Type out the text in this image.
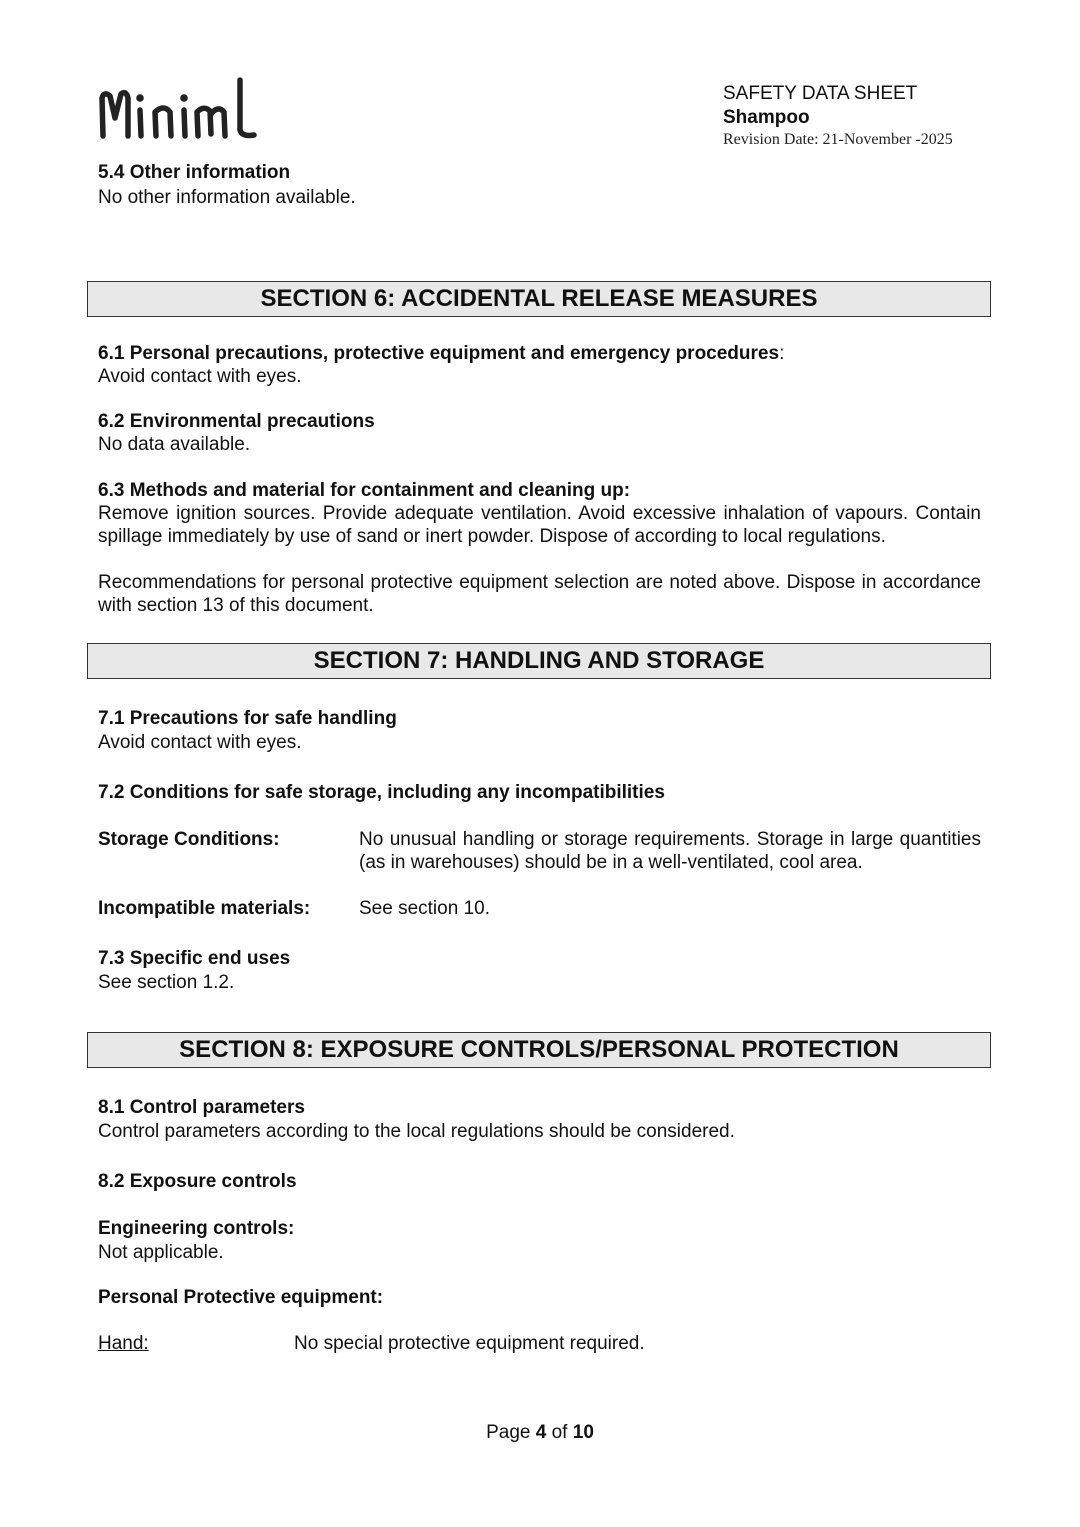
SAFETY DATA SHEET
Shampoo
Revision Date: 21-November -2025
5.4 Other information
No other information available.
SECTION 6: ACCIDENTAL RELEASE MEASURES
6.1 Personal precautions, protective equipment and emergency procedures:
Avoid contact with eyes.
6.2 Environmental precautions
No data available.
6.3 Methods and material for containment and cleaning up:
Remove ignition sources. Provide adequate ventilation. Avoid excessive inhalation of vapours. Contain spillage immediately by use of sand or inert powder. Dispose of according to local regulations.
Recommendations for personal protective equipment selection are noted above. Dispose in accordance with section 13 of this document.
SECTION 7: HANDLING AND STORAGE
7.1 Precautions for safe handling
Avoid contact with eyes.
7.2 Conditions for safe storage, including any incompatibilities
Storage Conditions:	No unusual handling or storage requirements. Storage in large quantities (as in warehouses) should be in a well-ventilated, cool area.
Incompatible materials:	See section 10.
7.3 Specific end uses
See section 1.2.
SECTION 8: EXPOSURE CONTROLS/PERSONAL PROTECTION
8.1 Control parameters
Control parameters according to the local regulations should be considered.
8.2 Exposure controls
Engineering controls:
Not applicable.
Personal Protective equipment:
Hand:	No special protective equipment required.
Page 4 of 10
